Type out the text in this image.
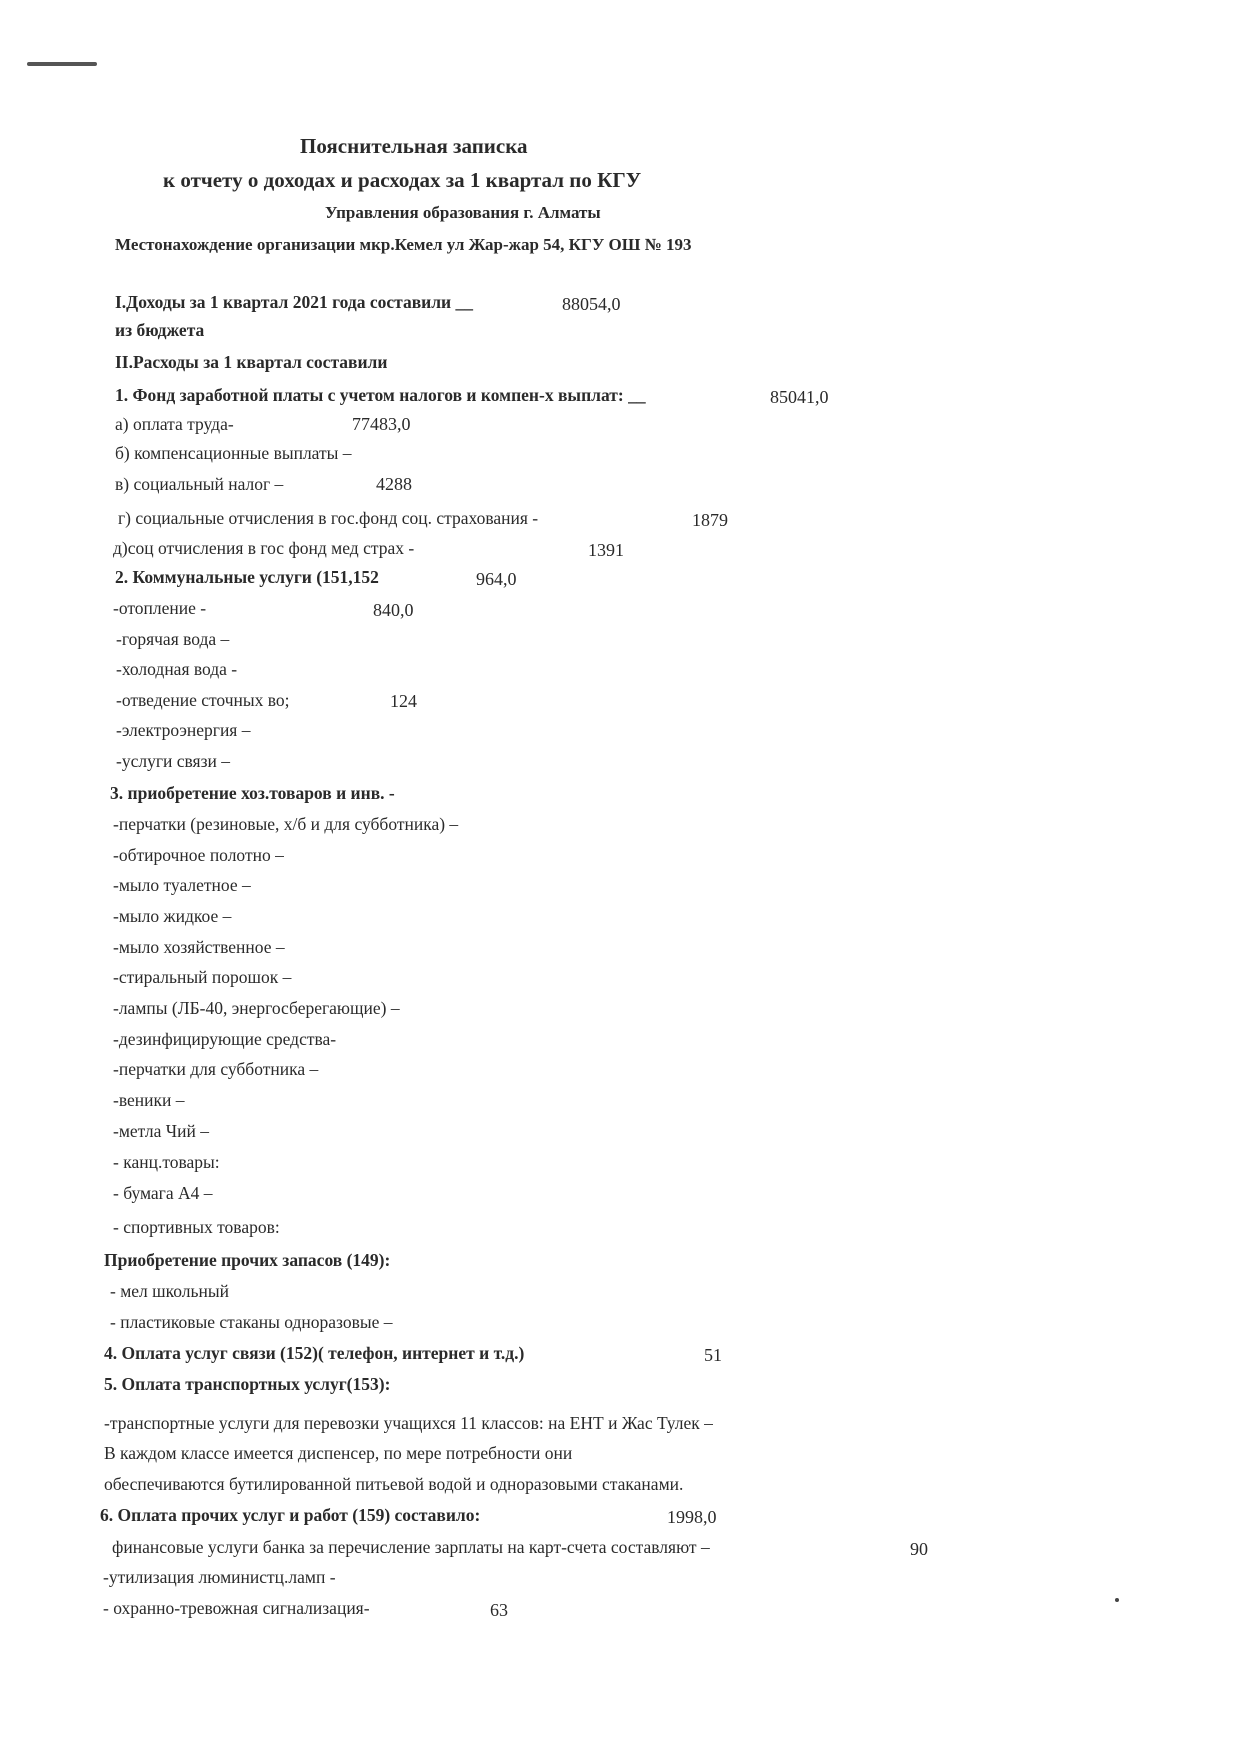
Пояснительная записка
к отчету о доходах и расходах за 1 квартал по КГУ
Управления образования г. Алматы
Местонахождение организации мкр.Кемел ул Жар-жар 54, КГУ ОШ № 193
I.Доходы за 1 квартал 2021 года составили __	88054,0
из бюджета
II.Расходы за 1 квартал составили
1. Фонд заработной платы с учетом налогов и компен-х выплат: __	85041,0
а) оплата труда-	77483,0
б) компенсационные выплаты –
в) социальный налог –	4288
г) социальные отчисления в гос.фонд соц. страхования -	1879
д)соц отчисления в гос фонд мед страх -	1391
2. Коммунальные услуги (151,152	964,0
-отопление -	840,0
-горячая вода –
-холодная вода -
-отведение сточных во;	124
-электроэнергия –
-услуги связи –
3. приобретение хоз.товаров и инв. -
-перчатки (резиновые, х/б и для субботника) –
-обтирочное полотно –
-мыло туалетное –
-мыло жидкое –
-мыло хозяйственное –
-стиральный порошок –
-лампы (ЛБ-40, энергосберегающие) –
-дезинфицирующие средства-
-перчатки для субботника –
-веники –
-метла Чий –
- канц.товары:
- бумага А4 –
- спортивных товаров:
Приобретение прочих запасов (149):
- мел школьный
- пластиковые стаканы одноразовые –
4. Оплата услуг связи (152)( телефон, интернет и т.д.)	51
5. Оплата транспортных услуг(153):
-транспортные услуги для перевозки учащихся 11 классов: на ЕНТ и Жас Тулек –
В каждом классе имеется диспенсер, по мере потребности они
обеспечиваются бутилированной питьевой водой и одноразовыми стаканами.
6. Оплата прочих услуг и работ (159) составило:	1998,0
финансовые услуги банка за перечисление зарплаты на карт-счета составляют –	90
-утилизация люминистц.ламп -
- охранно-тревожная сигнализация-	63
